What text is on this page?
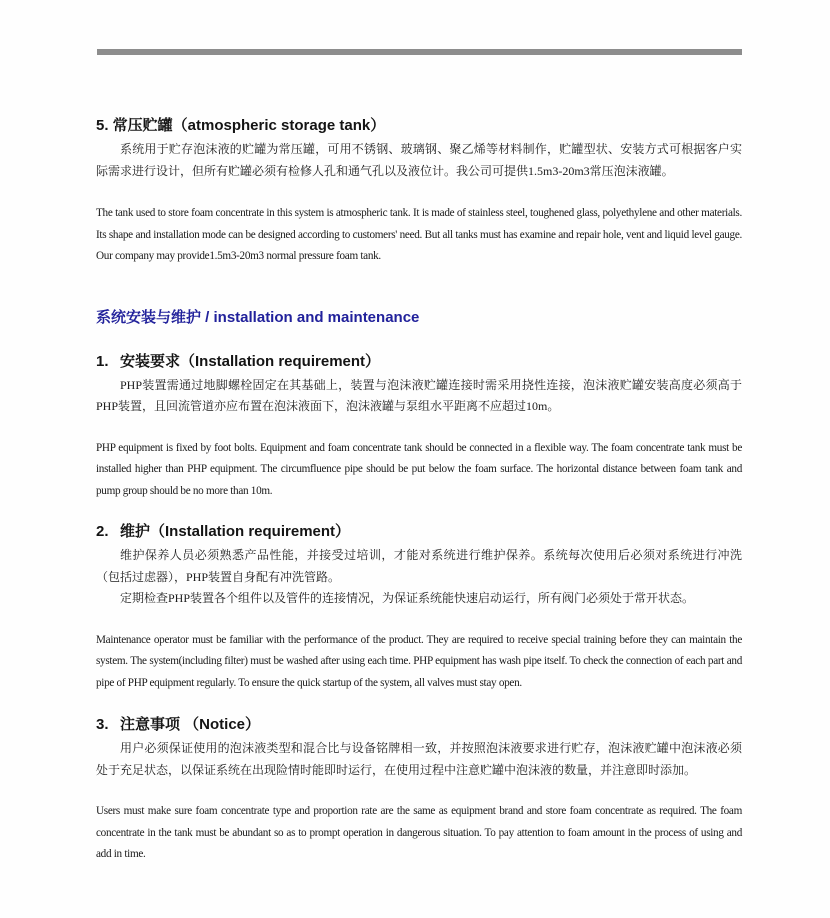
5. 常压贮罐（atmospheric storage tank）

系统用于贮存泡沫液的贮罐为常压罐，可用不锈钢、玻璃钢、聚乙烯等材料制作，贮罐型状、安装方式可根据客户实际需求进行设计，但所有贮罐必须有检修人孔和通气孔以及液位计。我公司可提供1.5m3-20m3常压泡沫液罐。

The tank used to store foam concentrate in this system is atmospheric tank. It is made of stainless steel, toughened glass, polyethylene and other materials. Its shape and installation mode can be designed according to customers' need. But all tanks must has examine and repair hole, vent and liquid level gauge. Our company may provide1.5m3-20m3 normal pressure foam tank.

系统安装与维护 / installation and maintenance
1. 安装要求（Installation requirement）

PHP装置需通过地脚螺栓固定在其基础上，装置与泡沫液贮罐连接时需采用挠性连接，泡沫液贮罐安装高度必须高于PHP装置，且回流管道亦应布置在泡沫液面下，泡沫液罐与泵组水平距离不应超过10m。

PHP equipment is fixed by foot bolts. Equipment and foam concentrate tank should be connected in a flexible way. The foam concentrate tank must be installed higher than PHP equipment. The circumfluence pipe should be put below the foam surface. The horizontal distance between foam tank and pump group should be no more than 10m.

2. 维护（Installation requirement）

维护保养人员必须熟悉产品性能，并接受过培训，才能对系统进行维护保养。系统每次使用后必须对系统进行冲洗（包括过虑器），PHP装置自身配有冲洗管路。

定期检查PHP装置各个组件以及管件的连接情况，为保证系统能快速启动运行，所有阀门必须处于常开状态。

Maintenance operator must be familiar with the performance of the product. They are required to receive special training before they can maintain the system. The system(including filter) must be washed after using each time. PHP equipment has wash pipe itself. To check the connection of each part and pipe of PHP equipment regularly. To ensure the quick startup of the system, all valves must stay open.

3. 注意事项 （Notice）

用户必须保证使用的泡沫液类型和混合比与设备铭牌相一致，并按照泡沫液要求进行贮存，泡沫液贮罐中泡沫液必须处于充足状态，以保证系统在出现险情时能即时运行，在使用过程中注意贮罐中泡沫液的数量，并注意即时添加。

Users must make sure foam concentrate type and proportion rate are the same as equipment brand and store foam concentrate as required. The foam concentrate in the tank must be abundant so as to prompt operation in dangerous situation. To pay attention to foam amount in the process of using and add in time.
